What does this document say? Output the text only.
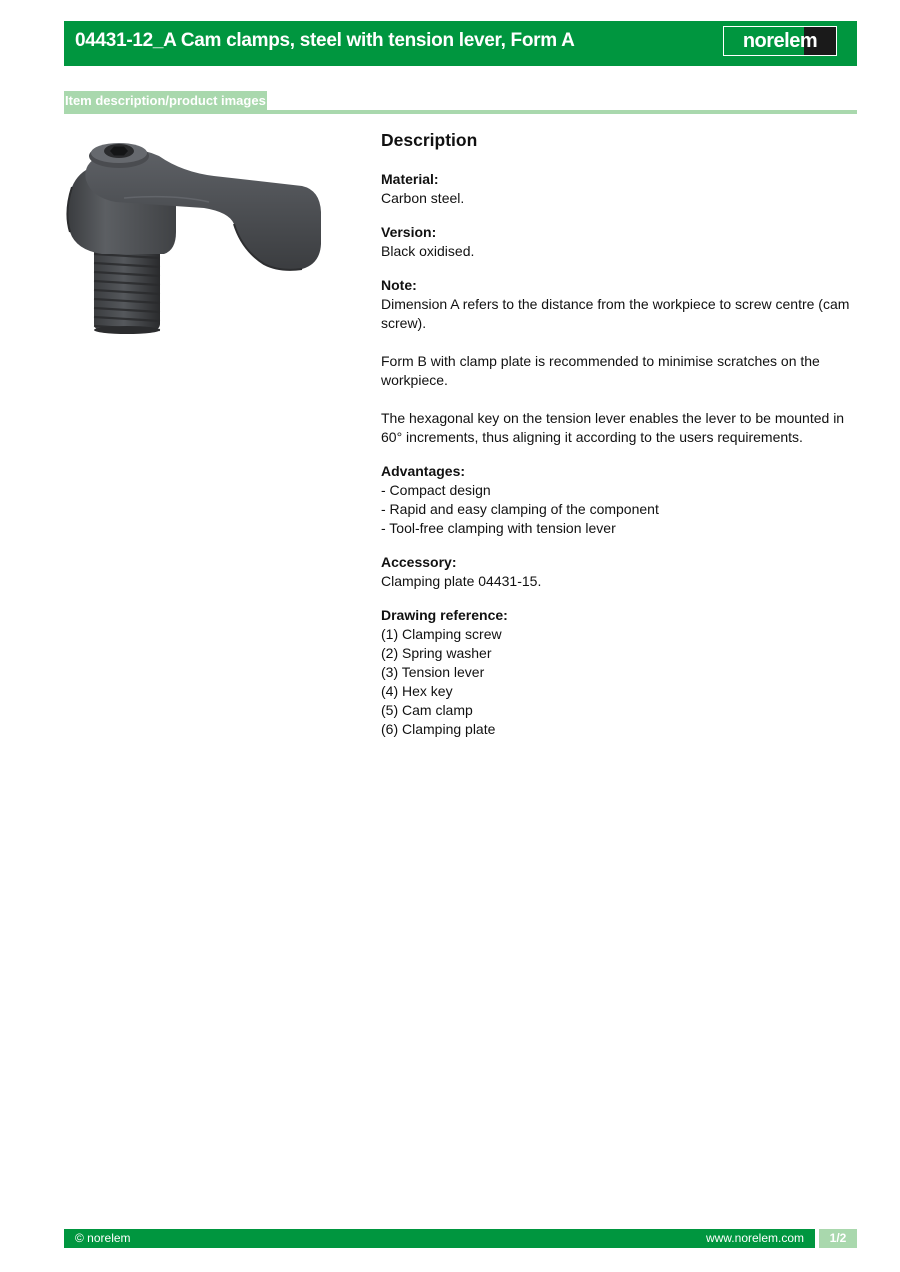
04431-12_A Cam clamps, steel with tension lever, Form A	norelem
Item description/product images
Description
Material:
Carbon steel.
Version:
Black oxidised.
Note:
Dimension A refers to the distance from the workpiece to screw centre (cam screw).
Form B with clamp plate is recommended to minimise scratches on the workpiece.
The hexagonal key on the tension lever enables the lever to be mounted in 60° increments, thus aligning it according to the users requirements.
Advantages:
- Compact design
- Rapid and easy clamping of the component
- Tool-free clamping with tension lever
Accessory:
Clamping plate 04431-15.
Drawing reference:
(1) Clamping screw
(2) Spring washer
(3) Tension lever
(4) Hex key
(5) Cam clamp
(6) Clamping plate
© norelem	www.norelem.com	1/2
